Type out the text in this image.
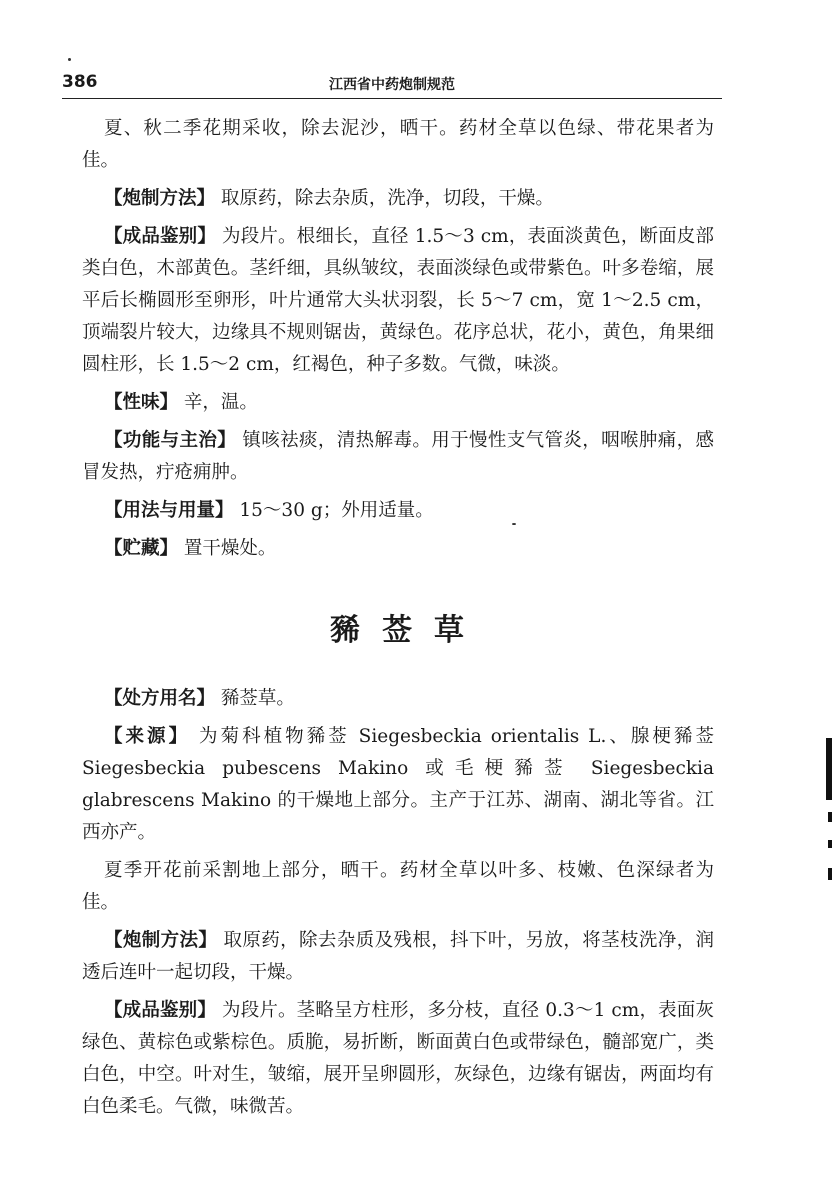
386	江西省中药炮制规范

夏、秋二季花期采收，除去泥沙，晒干。药材全草以色绿、带花果者为佳。

【炮制方法】 取原药，除去杂质，洗净，切段，干燥。

【成品鉴别】 为段片。根细长，直径 1.5～3 cm，表面淡黄色，断面皮部类白色，木部黄色。茎纤细，具纵皱纹，表面淡绿色或带紫色。叶多卷缩，展平后长椭圆形至卵形，叶片通常大头状羽裂，长 5～7 cm，宽 1～2.5 cm，顶端裂片较大，边缘具不规则锯齿，黄绿色。花序总状，花小，黄色，角果细圆柱形，长 1.5～2 cm，红褐色，种子多数。气微，味淡。

【性味】 辛，温。

【功能与主治】 镇咳祛痰，清热解毒。用于慢性支气管炎，咽喉肿痛，感冒发热，疔疮痈肿。

【用法与用量】 15～30 g；外用适量。

【贮藏】 置干燥处。

豨莶草

【处方用名】 豨莶草。

【来源】 为菊科植物豨莶 Siegesbeckia orientalis L.、腺梗豨莶 Siegesbeckia pubescens Makino 或毛梗豨莶 Siegesbeckia glabrescens Makino 的干燥地上部分。主产于江苏、湖南、湖北等省。江西亦产。

夏季开花前采割地上部分，晒干。药材全草以叶多、枝嫩、色深绿者为佳。

【炮制方法】 取原药，除去杂质及残根，抖下叶，另放，将茎枝洗净，润透后连叶一起切段，干燥。

【成品鉴别】 为段片。茎略呈方柱形，多分枝，直径 0.3～1 cm，表面灰绿色、黄棕色或紫棕色。质脆，易折断，断面黄白色或带绿色，髓部宽广，类白色，中空。叶对生，皱缩，展开呈卵圆形，灰绿色，边缘有锯齿，两面均有白色柔毛。气微，味微苦。
